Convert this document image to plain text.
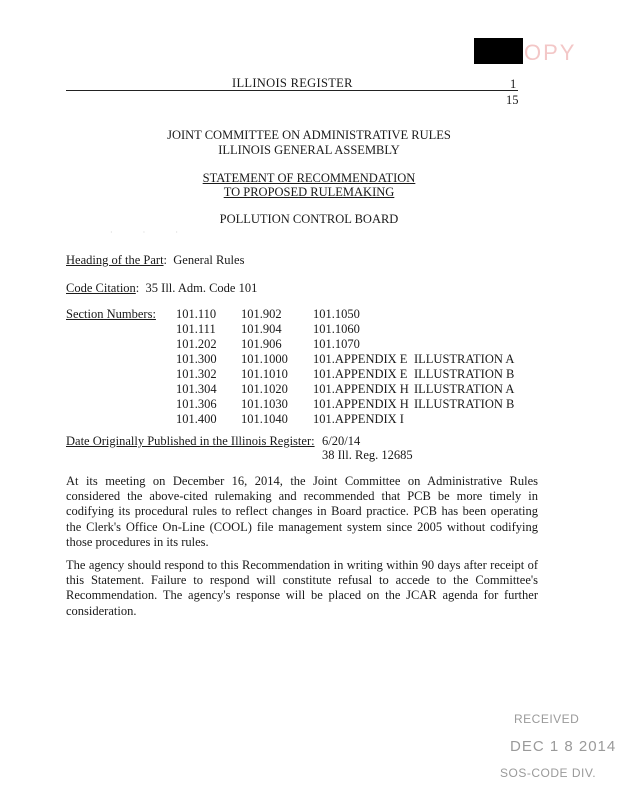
OPY
ILLINOIS REGISTER	1
15
JOINT COMMITTEE ON ADMINISTRATIVE RULES
ILLINOIS GENERAL ASSEMBLY
STATEMENT OF RECOMMENDATION
TO PROPOSED RULEMAKING
POLLUTION CONTROL BOARD
· · ·
Heading of the Part: General Rules
Code Citation: 35 Ill. Adm. Code 101
Section Numbers: 101.110	101.902	101.1050	
101.111	101.904	101.1060	
101.202	101.906	101.1070	
101.300	101.1000	101.APPENDIX E	ILLUSTRATION A
101.302	101.1010	101.APPENDIX E	ILLUSTRATION B
101.304	101.1020	101.APPENDIX H	ILLUSTRATION A
101.306	101.1030	101.APPENDIX H	ILLUSTRATION B
101.400	101.1040	101.APPENDIX I	
Date Originally Published in the Illinois Register: 6/20/14
38 Ill. Reg. 12685
At its meeting on December 16, 2014, the Joint Committee on Administrative Rules considered the above-cited rulemaking and recommended that PCB be more timely in codifying its procedural rules to reflect changes in Board practice. PCB has been operating the Clerk's Office On-Line (COOL) file management system since 2005 without codifying those procedures in its rules.
The agency should respond to this Recommendation in writing within 90 days after receipt of this Statement. Failure to respond will constitute refusal to accede to the Committee's Recommendation. The agency's response will be placed on the JCAR agenda for further consideration.
RECEIVED
DEC 1 8 2014
SOS-CODE DIV.
